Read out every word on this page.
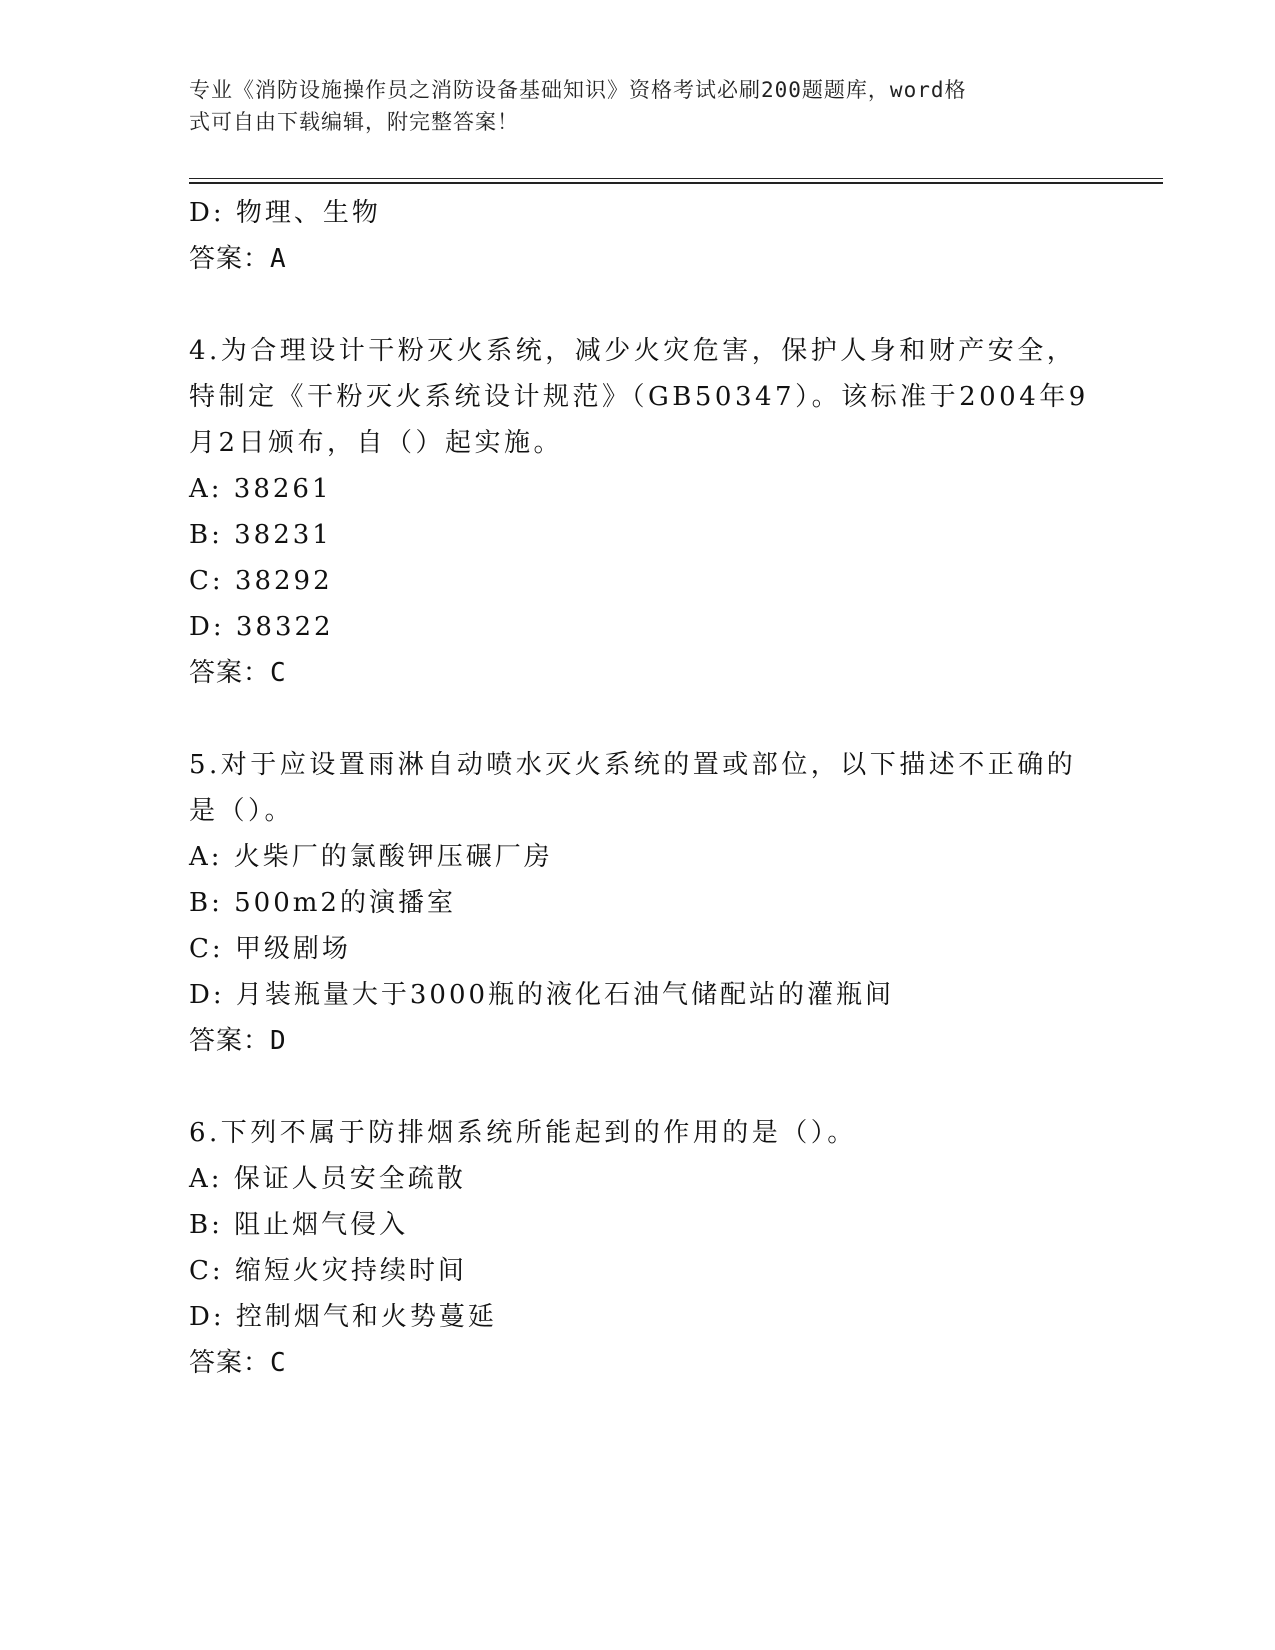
专业《消防设施操作员之消防设备基础知识》资格考试必刷200题题库，word格
式可自由下载编辑，附完整答案！
D: 物理、生物
答案：A
4.为合理设计干粉灭火系统，减少火灾危害，保护人身和财产安全，
特制定《干粉灭火系统设计规范》（GB50347）。该标准于2004年9
月2日颁布，自（）起实施。
A: 38261
B: 38231
C: 38292
D: 38322
答案：C
5.对于应设置雨淋自动喷水灭火系统的置或部位，以下描述不正确的
是（）。
A: 火柴厂的氯酸钾压碾厂房
B: 500m2的演播室
C: 甲级剧场
D: 月装瓶量大于3000瓶的液化石油气储配站的灌瓶间
答案：D
6.下列不属于防排烟系统所能起到的作用的是（）。
A: 保证人员安全疏散
B: 阻止烟气侵入
C: 缩短火灾持续时间
D: 控制烟气和火势蔓延
答案：C
